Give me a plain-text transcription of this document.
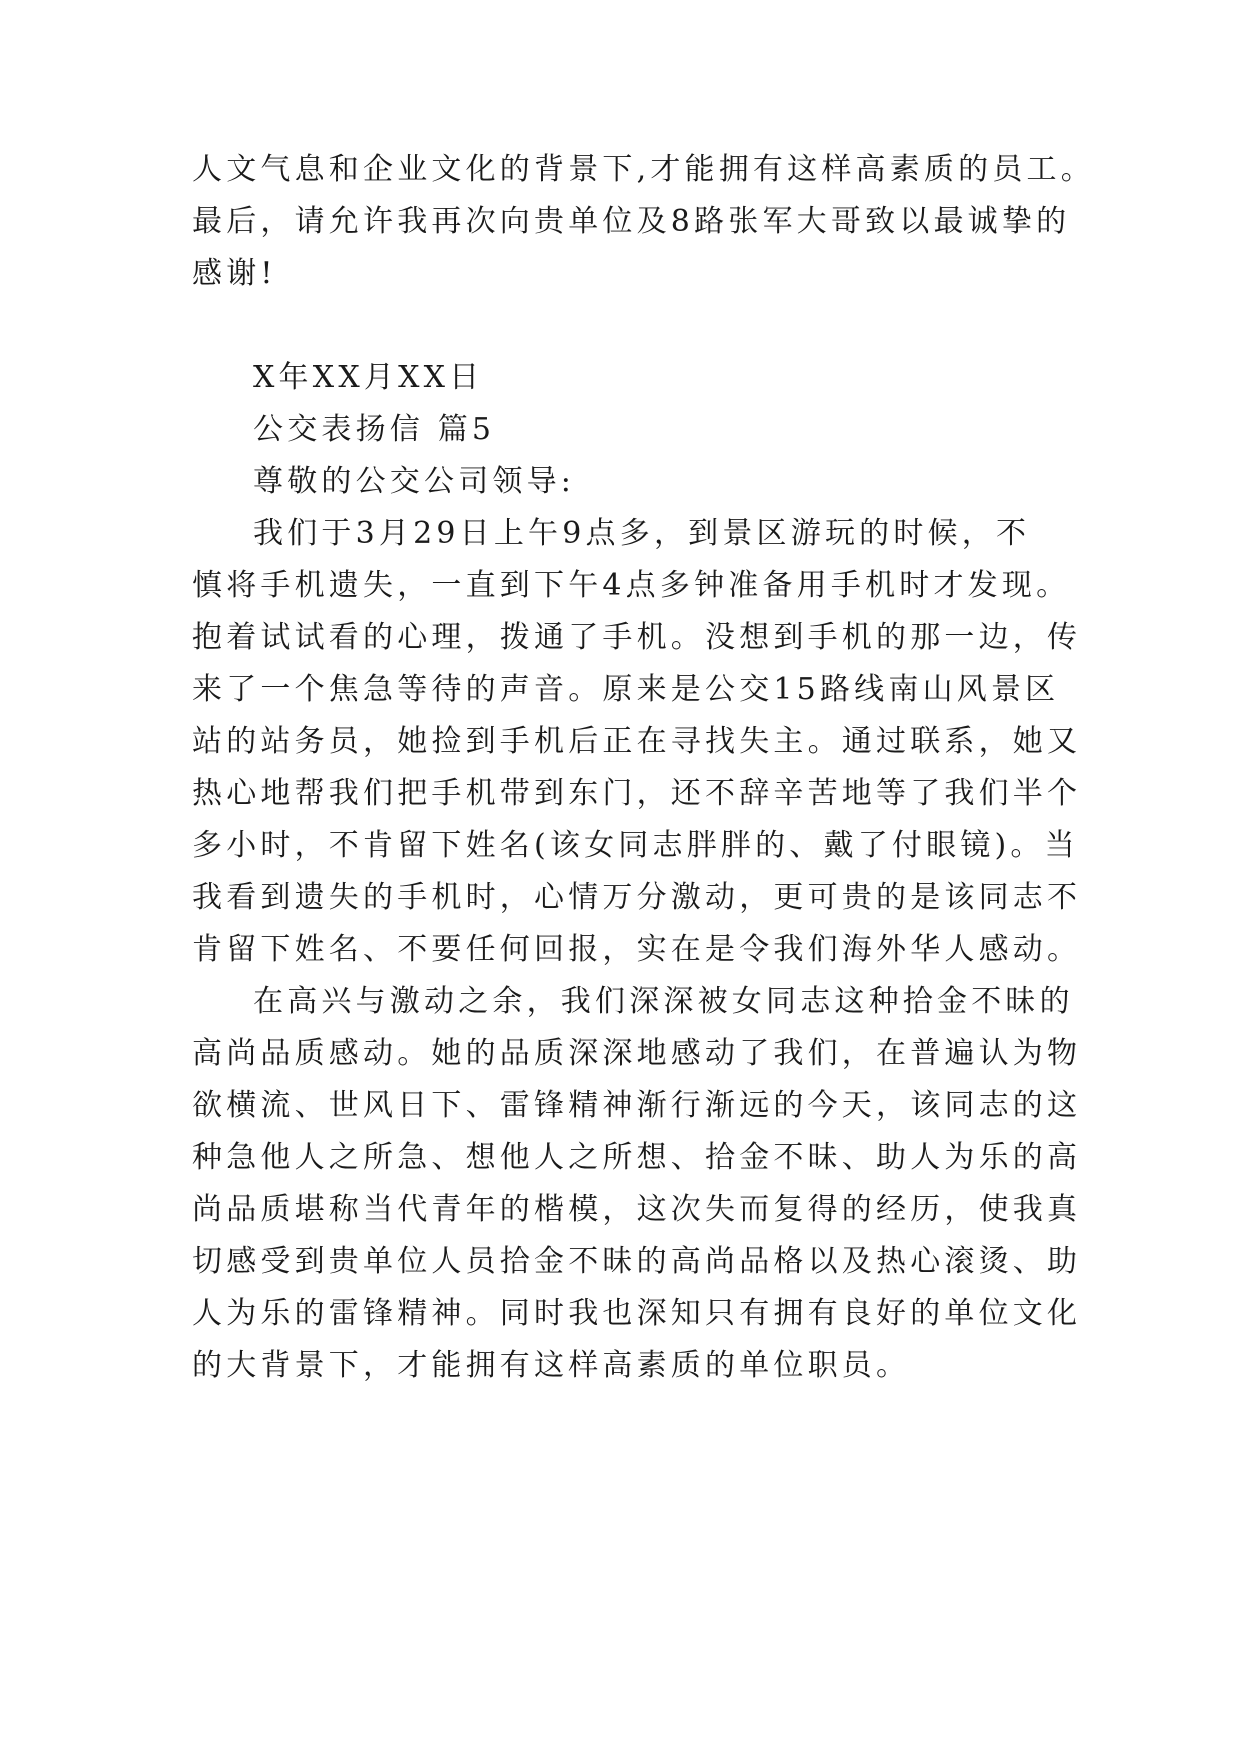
人文气息和企业文化的背景下,才能拥有这样高素质的员工。
最后，请允许我再次向贵单位及8路张军大哥致以最诚挚的
感谢!
X年XX月XX日
公交表扬信 篇5
尊敬的公交公司领导:
我们于3月29日上午9点多，到景区游玩的时候，不
慎将手机遗失，一直到下午4点多钟准备用手机时才发现。
抱着试试看的心理，拨通了手机。没想到手机的那一边，传
来了一个焦急等待的声音。原来是公交15路线南山风景区
站的站务员，她捡到手机后正在寻找失主。通过联系，她又
热心地帮我们把手机带到东门，还不辞辛苦地等了我们半个
多小时，不肯留下姓名(该女同志胖胖的、戴了付眼镜)。当
我看到遗失的手机时，心情万分激动，更可贵的是该同志不
肯留下姓名、不要任何回报，实在是令我们海外华人感动。
在高兴与激动之余，我们深深被女同志这种拾金不昧的
高尚品质感动。她的品质深深地感动了我们，在普遍认为物
欲横流、世风日下、雷锋精神渐行渐远的今天，该同志的这
种急他人之所急、想他人之所想、拾金不昧、助人为乐的高
尚品质堪称当代青年的楷模，这次失而复得的经历，使我真
切感受到贵单位人员拾金不昧的高尚品格以及热心滚烫、助
人为乐的雷锋精神。同时我也深知只有拥有良好的单位文化
的大背景下，才能拥有这样高素质的单位职员。
